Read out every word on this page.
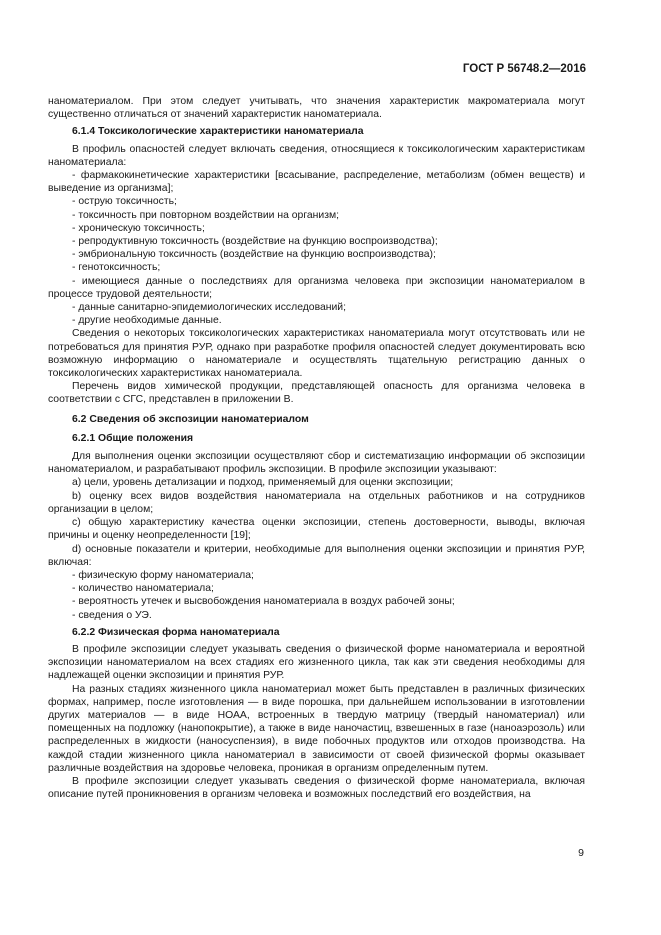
ГОСТ Р 56748.2—2016

наноматериалом. При этом следует учитывать, что значения характеристик макроматериала могут существенно отличаться от значений характеристик наноматериала.

6.1.4 Токсикологические характеристики наноматериала

В профиль опасностей следует включать сведения, относящиеся к токсикологическим характеристикам наноматериала:

- фармакокинетические характеристики [всасывание, распределение, метаболизм (обмен веществ) и выведение из организма];

- острую токсичность;

- токсичность при повторном воздействии на организм;

- хроническую токсичность;

- репродуктивную токсичность (воздействие на функцию воспроизводства);

- эмбриональную токсичность (воздействие на функцию воспроизводства);

- генотоксичность;

- имеющиеся данные о последствиях для организма человека при экспозиции наноматериалом в процессе трудовой деятельности;

- данные санитарно-эпидемиологических исследований;

- другие необходимые данные.

Сведения о некоторых токсикологических характеристиках наноматериала могут отсутствовать или не потребоваться для принятия РУР, однако при разработке профиля опасностей следует документировать всю возможную информацию о наноматериале и осуществлять тщательную регистрацию данных о токсикологических характеристиках наноматериала.

Перечень видов химической продукции, представляющей опасность для организма человека в соответствии с СГС, представлен в приложении В.

6.2 Сведения об экспозиции наноматериалом

6.2.1 Общие положения

Для выполнения оценки экспозиции осуществляют сбор и систематизацию информации об экспозиции наноматериалом, и разрабатывают профиль экспозиции. В профиле экспозиции указывают:

a) цели, уровень детализации и подход, применяемый для оценки экспозиции;

b) оценку всех видов воздействия наноматериала на отдельных работников и на сотрудников организации в целом;

c) общую характеристику качества оценки экспозиции, степень достоверности, выводы, включая причины и оценку неопределенности [19];

d) основные показатели и критерии, необходимые для выполнения оценки экспозиции и принятия РУР, включая:

- физическую форму наноматериала;

- количество наноматериала;

- вероятность утечек и высвобождения наноматериала в воздух рабочей зоны;

- сведения о УЭ.

6.2.2 Физическая форма наноматериала

В профиле экспозиции следует указывать сведения о физической форме наноматериала и вероятной экспозиции наноматериалом на всех стадиях его жизненного цикла, так как эти сведения необходимы для надлежащей оценки экспозиции и принятия РУР.

На разных стадиях жизненного цикла наноматериал может быть представлен в различных физических формах, например, после изготовления — в виде порошка, при дальнейшем использовании в изготовлении других материалов — в виде НОАА, встроенных в твердую матрицу (твердый наноматериал) или помещенных на подложку (нанопокрытие), а также в виде наночастиц, взвешенных в газе (наноаэрозоль) или распределенных в жидкости (наносуспензия), в виде побочных продуктов или отходов производства. На каждой стадии жизненного цикла наноматериал в зависимости от своей физической формы оказывает различные воздействия на здоровье человека, проникая в организм определенным путем.

В профиле экспозиции следует указывать сведения о физической форме наноматериала, включая описание путей проникновения в организм человека и возможных последствий его воздействия, на

9
